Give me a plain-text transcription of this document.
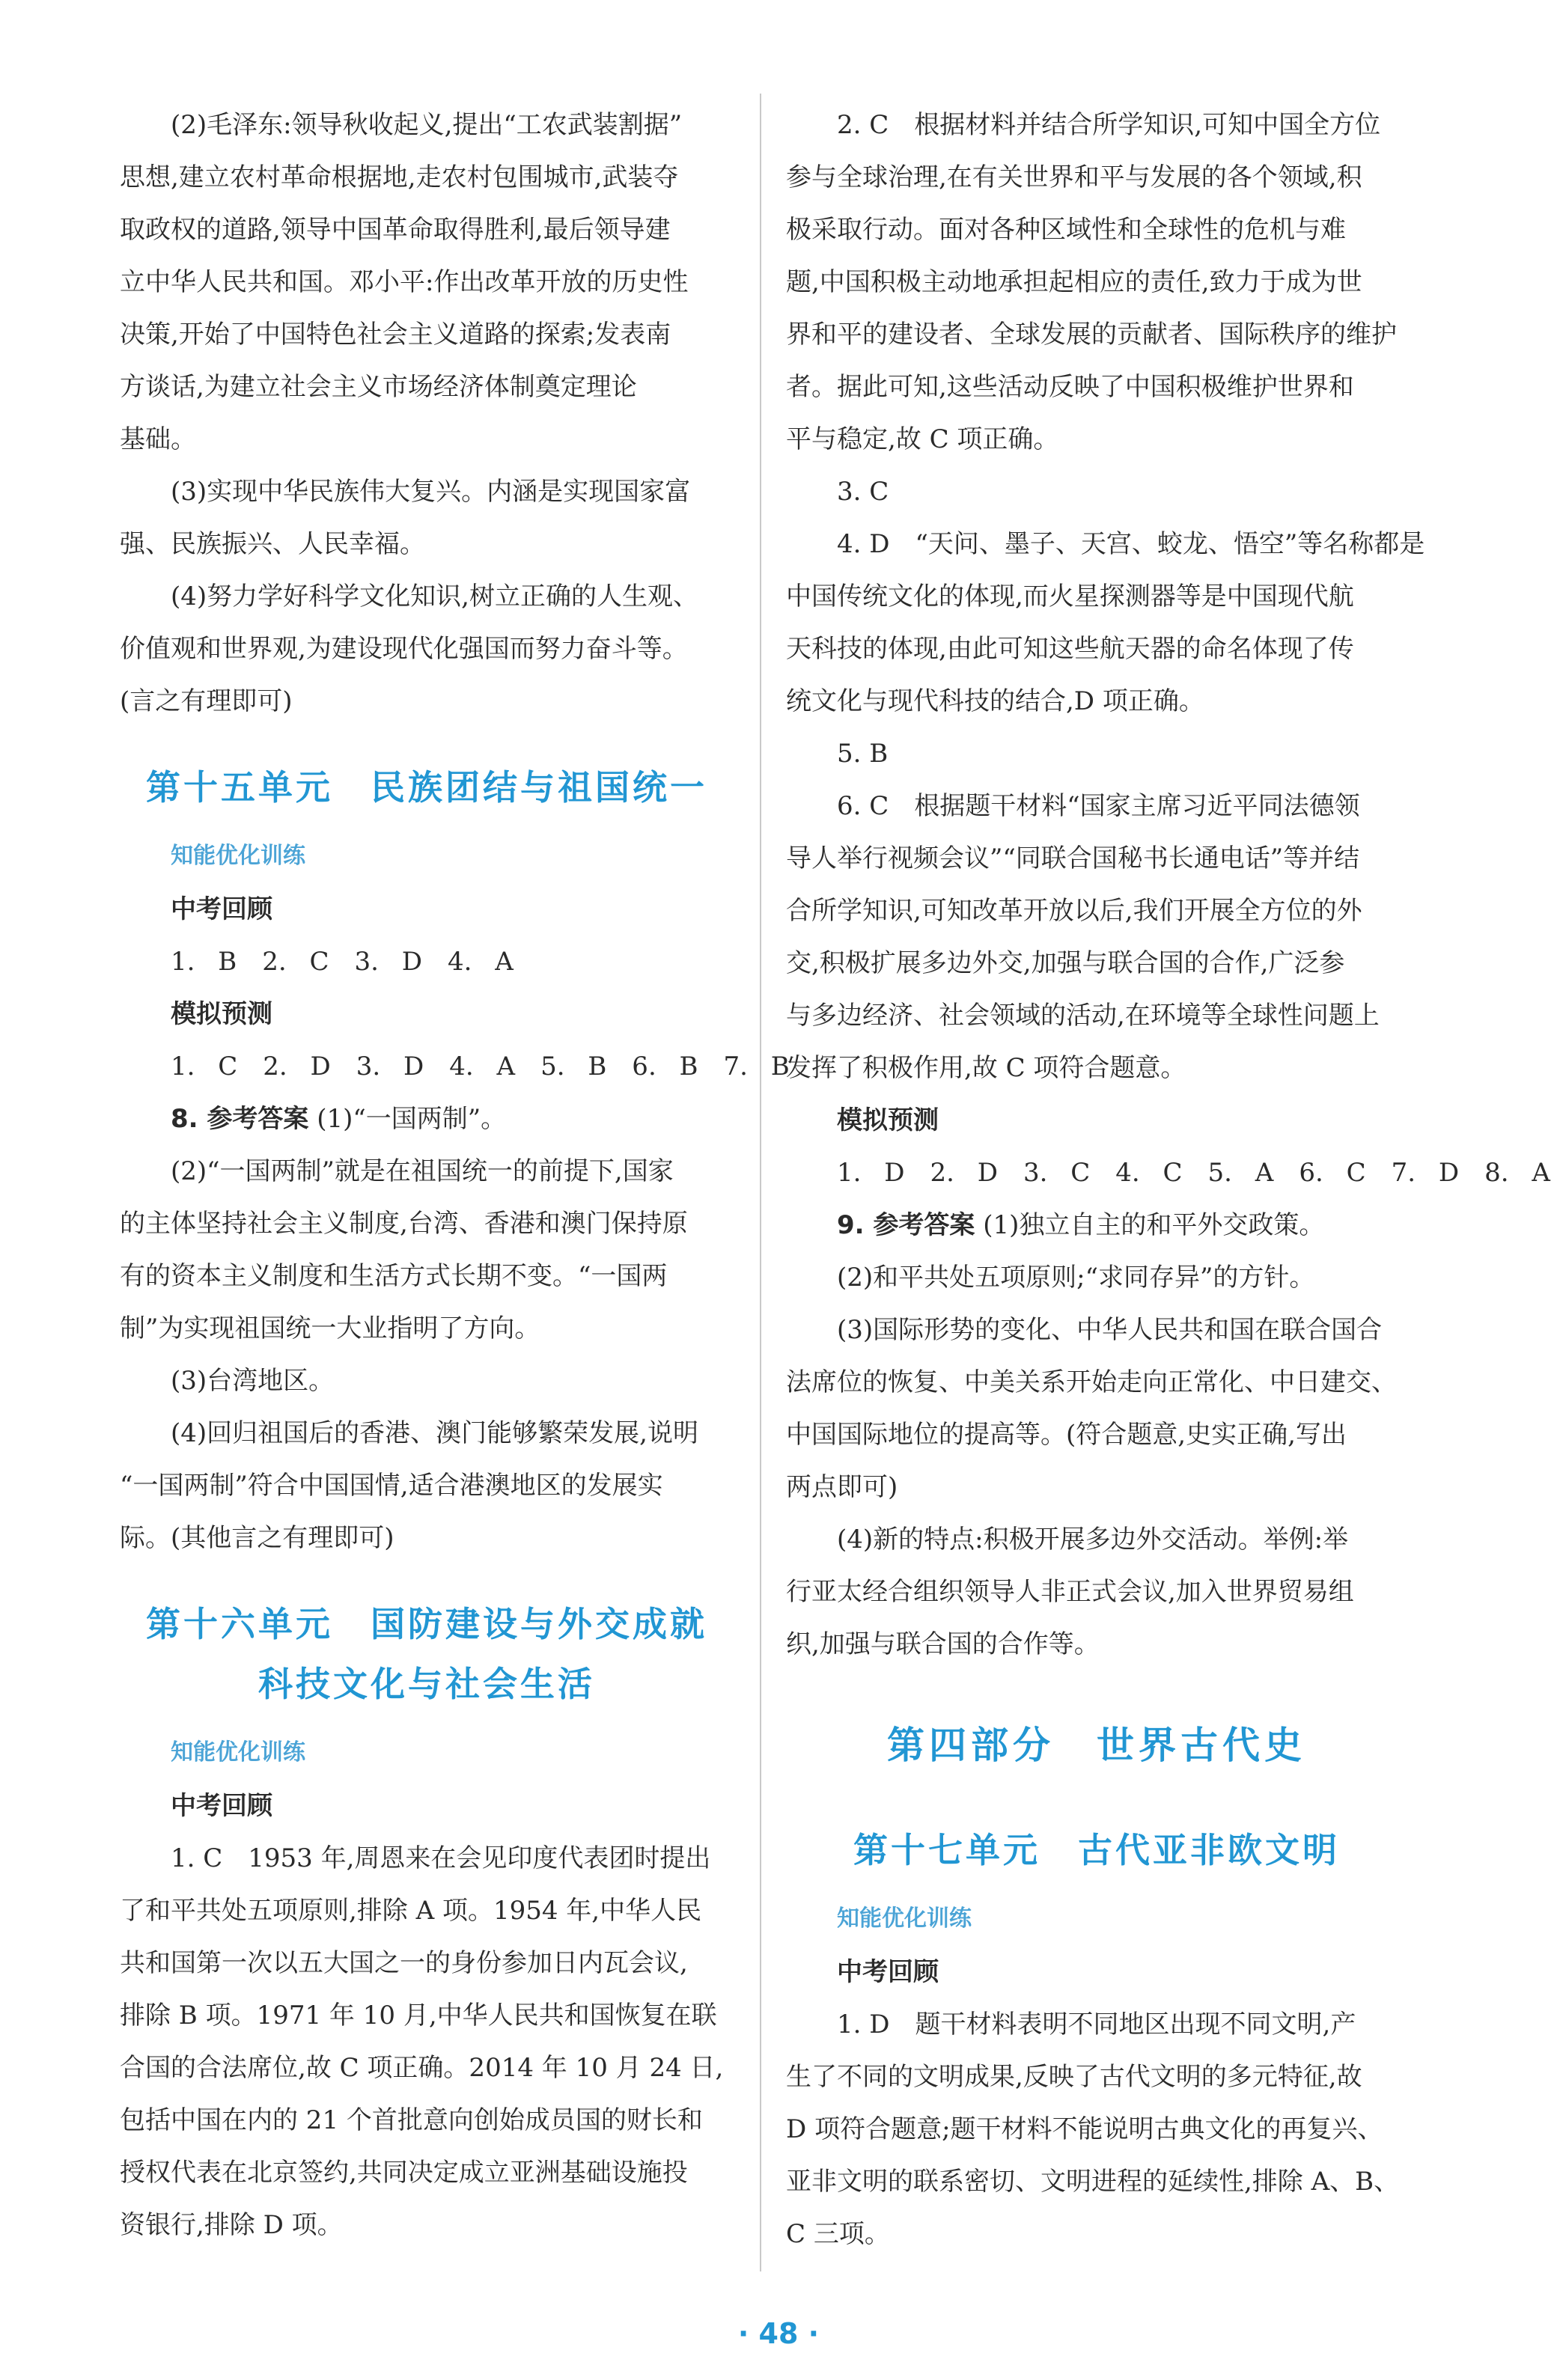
(2)毛泽东:领导秋收起义,提出“工农武装割据”

思想,建立农村革命根据地,走农村包围城市,武装夺

取政权的道路,领导中国革命取得胜利,最后领导建

立中华人民共和国。邓小平:作出改革开放的历史性

决策,开始了中国特色社会主义道路的探索;发表南

方谈话,为建立社会主义市场经济体制奠定理论

基础。

(3)实现中华民族伟大复兴。内涵是实现国家富

强、民族振兴、人民幸福。

(4)努力学好科学文化知识,树立正确的人生观、

价值观和世界观,为建设现代化强国而努力奋斗等。

(言之有理即可)

第十五单元　民族团结与祖国统一

知能优化训练

中考回顾

1. B　2. C　3. D　4. A

模拟预测

1. C　2. D　3. D　4. A　5. B　6. B　7. B

8. 参考答案 (1)“一国两制”。

(2)“一国两制”就是在祖国统一的前提下,国家

的主体坚持社会主义制度,台湾、香港和澳门保持原

有的资本主义制度和生活方式长期不变。“一国两

制”为实现祖国统一大业指明了方向。

(3)台湾地区。

(4)回归祖国后的香港、澳门能够繁荣发展,说明

“一国两制”符合中国国情,适合港澳地区的发展实

际。(其他言之有理即可)

第十六单元　国防建设与外交成就
科技文化与社会生活

知能优化训练

中考回顾

1. C　1953 年,周恩来在会见印度代表团时提出

了和平共处五项原则,排除 A 项。1954 年,中华人民

共和国第一次以五大国之一的身份参加日内瓦会议,

排除 B 项。1971 年 10 月,中华人民共和国恢复在联

合国的合法席位,故 C 项正确。2014 年 10 月 24 日,

包括中国在内的 21 个首批意向创始成员国的财长和

授权代表在北京签约,共同决定成立亚洲基础设施投

资银行,排除 D 项。

2. C　根据材料并结合所学知识,可知中国全方位

参与全球治理,在有关世界和平与发展的各个领域,积

极采取行动。面对各种区域性和全球性的危机与难

题,中国积极主动地承担起相应的责任,致力于成为世

界和平的建设者、全球发展的贡献者、国际秩序的维护

者。据此可知,这些活动反映了中国积极维护世界和

平与稳定,故 C 项正确。

3. C

4. D　“天问、墨子、天宫、蛟龙、悟空”等名称都是

中国传统文化的体现,而火星探测器等是中国现代航

天科技的体现,由此可知这些航天器的命名体现了传

统文化与现代科技的结合,D 项正确。

5. B

6. C　根据题干材料“国家主席习近平同法德领

导人举行视频会议”“同联合国秘书长通电话”等并结

合所学知识,可知改革开放以后,我们开展全方位的外

交,积极扩展多边外交,加强与联合国的合作,广泛参

与多边经济、社会领域的活动,在环境等全球性问题上

发挥了积极作用,故 C 项符合题意。

模拟预测

1. D　2. D　3. C　4. C　5. A　6. C　7. D　8. A

9. 参考答案 (1)独立自主的和平外交政策。

(2)和平共处五项原则;“求同存异”的方针。

(3)国际形势的变化、中华人民共和国在联合国合

法席位的恢复、中美关系开始走向正常化、中日建交、

中国国际地位的提高等。(符合题意,史实正确,写出

两点即可)

(4)新的特点:积极开展多边外交活动。举例:举

行亚太经合组织领导人非正式会议,加入世界贸易组

织,加强与联合国的合作等。

第四部分　世界古代史
第十七单元　古代亚非欧文明

知能优化训练

中考回顾

1. D　题干材料表明不同地区出现不同文明,产

生了不同的文明成果,反映了古代文明的多元特征,故

D 项符合题意;题干材料不能说明古典文化的再复兴、

亚非文明的联系密切、文明进程的延续性,排除 A、B、

C 三项。

· 48 ·
